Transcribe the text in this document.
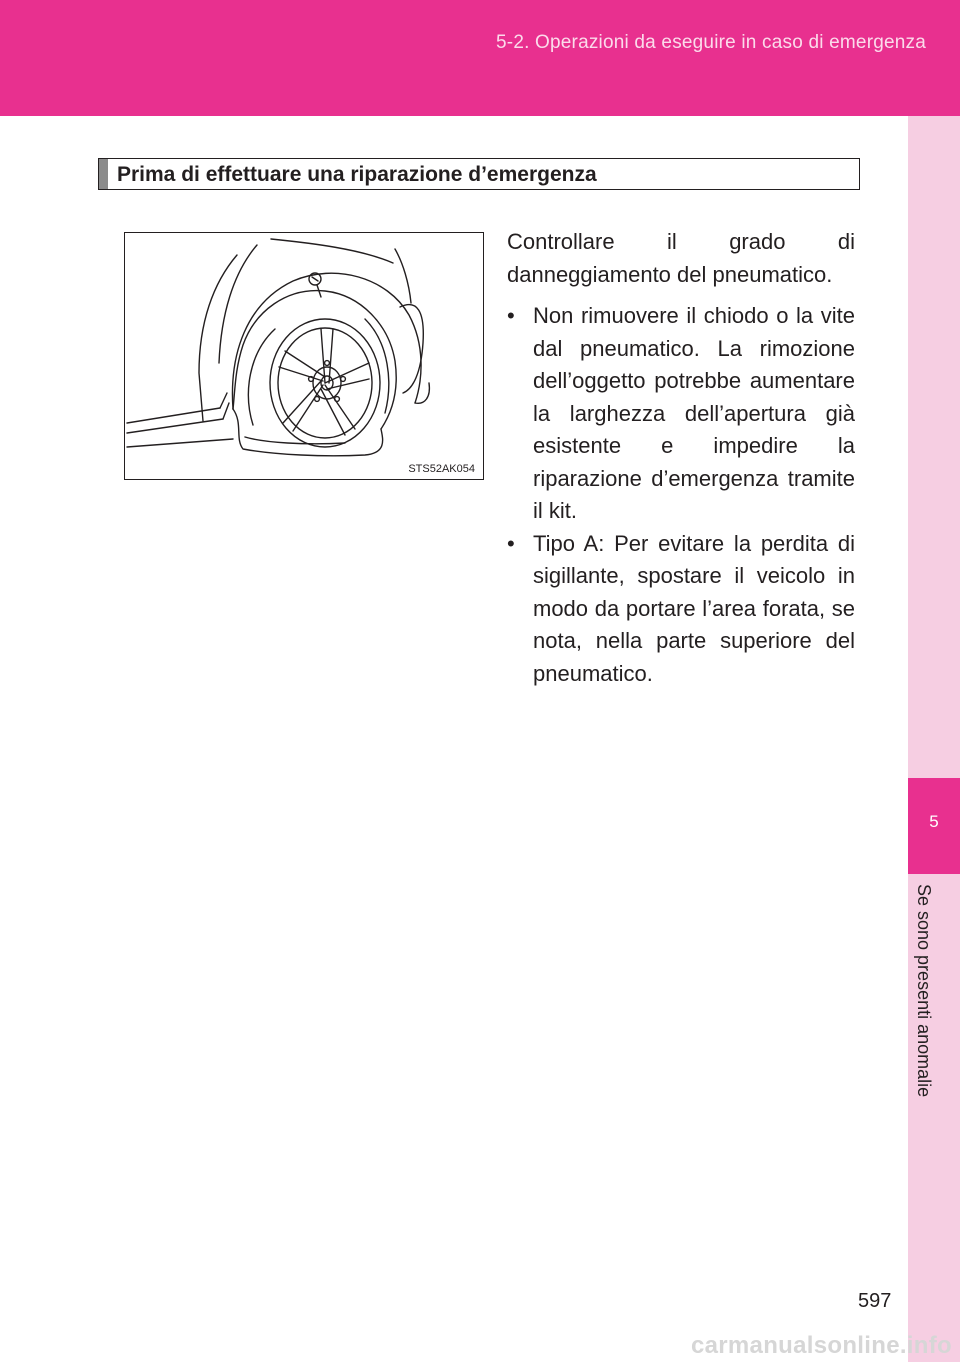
5-2. Operazioni da eseguire in caso di emergenza
5
Se sono presenti anomalie
Prima di effettuare una riparazione d’emergenza
STS52AK054

Controllare il grado di danneggiamento del pneumatico.

• Non rimuovere il chiodo o la vite dal pneumatico. La rimozione dell’oggetto potrebbe aumentare la larghezza dell’apertura già esistente e impedire la riparazione d’emergenza tramite il kit.
• Tipo A: Per evitare la perdita di sigillante, spostare il veicolo in modo da portare l’area forata, se nota, nella parte superiore del pneumatico.
597
carmanualsonline.info
